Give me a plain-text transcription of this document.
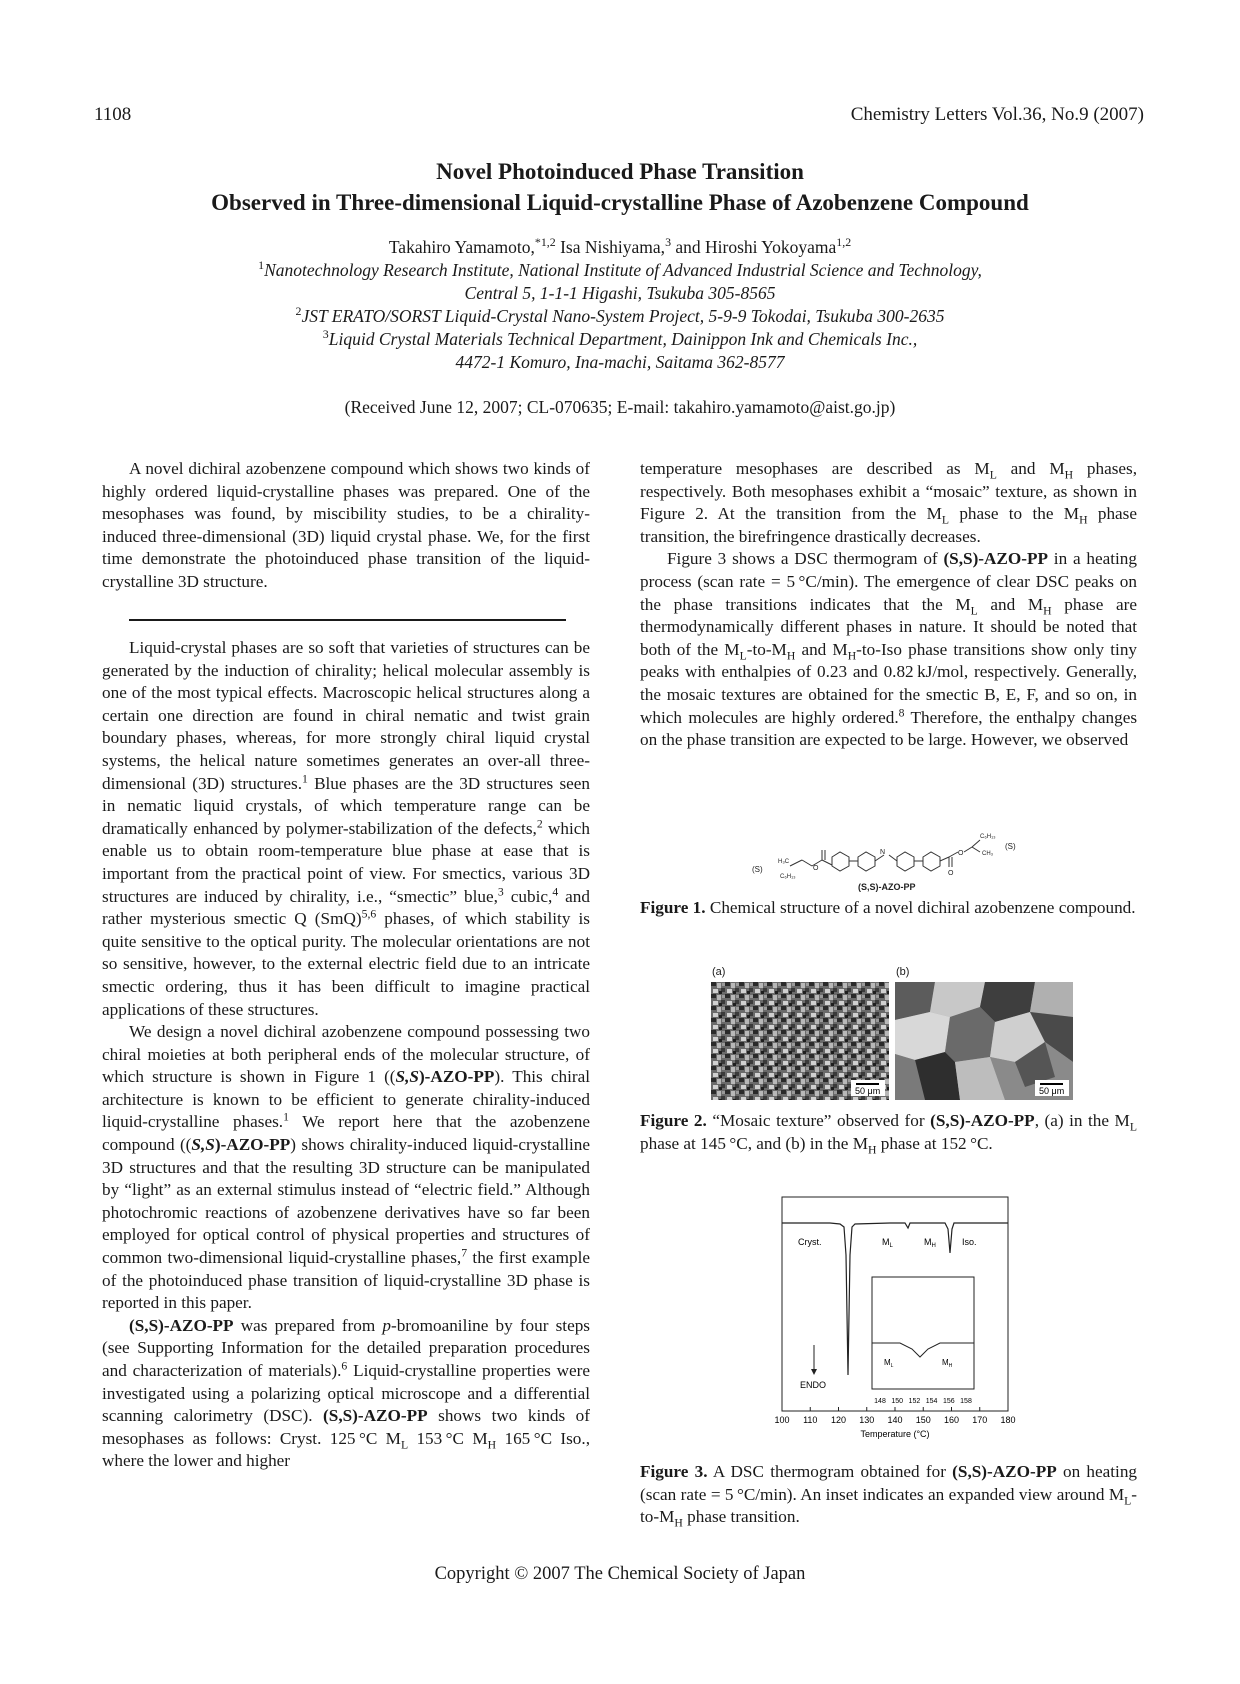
1108	Chemistry Letters Vol.36, No.9 (2007)
Novel Photoinduced Phase Transition
Observed in Three-dimensional Liquid-crystalline Phase of Azobenzene Compound
Takahiro Yamamoto,$^{*1,2}$ Isa Nishiyama,$^3$ and Hiroshi Yokoyama$^{1,2}$
$^1$Nanotechnology Research Institute, National Institute of Advanced Industrial Science and Technology,
Central 5, 1-1-1 Higashi, Tsukuba 305-8565
$^2$JST ERATO/SORST Liquid-Crystal Nano-System Project, 5-9-9 Tokodai, Tsukuba 300-2635
$^3$Liquid Crystal Materials Technical Department, Dainippon Ink and Chemicals Inc.,
4472-1 Komuro, Ina-machi, Saitama 362-8577
(Received June 12, 2007; CL-070635; E-mail: takahiro.yamamoto@aist.go.jp)

A novel dichiral azobenzene compound which shows two kinds of highly ordered liquid-crystalline phases was prepared. One of the mesophases was found, by miscibility studies, to be a chirality-induced three-dimensional (3D) liquid crystal phase. We, for the first time demonstrate the photoinduced phase transition of the liquid-crystalline 3D structure.

Liquid-crystal phases are so soft that varieties of structures can be generated by the induction of chirality; helical molecular assembly is one of the most typical effects. Macroscopic helical structures along a certain one direction are found in chiral nematic and twist grain boundary phases, whereas, for more strongly chiral liquid crystal systems, the helical nature sometimes generates an over-all three-dimensional (3D) structures.$^1$ Blue phases are the 3D structures seen in nematic liquid crystals, of which temperature range can be dramatically enhanced by polymer-stabilization of the defects,$^2$ which enable us to obtain room-temperature blue phase at ease that is important from the practical point of view. For smectics, various 3D structures are induced by chirality, i.e., “smectic” blue,$^3$ cubic,$^4$ and rather mysterious smectic Q (SmQ)$^{5,6}$ phases, of which stability is quite sensitive to the optical purity. The molecular orientations are not so sensitive, however, to the external electric field due to an intricate smectic ordering, thus it has been difficult to imagine practical applications of these structures.

We design a novel dichiral azobenzene compound possessing two chiral moieties at both peripheral ends of the molecular structure, of which structure is shown in Figure 1 ((S,S)-AZO-PP). This chiral architecture is known to be efficient to generate chirality-induced liquid-crystalline phases.$^1$ We report here that the azobenzene compound ((S,S)-AZO-PP) shows chirality-induced liquid-crystalline 3D structures and that the resulting 3D structure can be manipulated by “light” as an external stimulus instead of “electric field.” Although photochromic reactions of azobenzene derivatives have so far been employed for optical control of physical properties and structures of common two-dimensional liquid-crystalline phases,$^7$ the first example of the photoinduced phase transition of liquid-crystalline 3D phase is reported in this paper.

(S,S)-AZO-PP was prepared from p-bromoaniline by four steps (see Supporting Information for the detailed preparation procedures and characterization of materials).$^6$ Liquid-crystalline properties were investigated using a polarizing optical microscope and a differential scanning calorimetry (DSC). (S,S)-AZO-PP shows two kinds of mesophases as follows: Cryst. 125 °C $M_L$ 153 °C $M_H$ 165 °C Iso., where the lower and higher

temperature mesophases are described as $M_L$ and $M_H$ phases, respectively. Both mesophases exhibit a “mosaic” texture, as shown in Figure 2. At the transition from the $M_L$ phase to the $M_H$ phase transition, the birefringence drastically decreases.

Figure 3 shows a DSC thermogram of (S,S)-AZO-PP in a heating process (scan rate = 5 °C/min). The emergence of clear DSC peaks on the phase transitions indicates that the $M_L$ and $M_H$ phase are thermodynamically different phases in nature. It should be noted that both of the $M_L-to-M_H$ and $M_H-to$-Iso phase transitions show only tiny peaks with enthalpies of 0.23 and 0.82 kJ/mol, respectively. Generally, the mosaic textures are obtained for the smectic B, E, F, and so on, in which molecules are highly ordered.$^8$ Therefore, the enthalpy changes on the phase transition are expected to be large. However, we observed

(S)
H₃C
C₆H₁₃
O
N
O
O
C₆H₁₃
CH₃
(S)
(S,S)-AZO-PP
Figure 1. Chemical structure of a novel dichiral azobenzene compound.
(a)	(b)
50 μm	50 μm
Figure 2. “Mosaic texture” observed for (S,S)-AZO-PP, (a) in the $M_L$ phase at 145 °C, and (b) in the $M_H$ phase at 152 °C.
Cryst.	$M_L$	$M_H$	Iso.
ENDO
$M_L$	$M_H$
148 150 152 154 156 158
100 110 120 130 140 150 160 170 180
Temperature (°C)
Figure 3. A DSC thermogram obtained for (S,S)-AZO-PP on heating (scan rate = 5 °C/min). An inset indicates an expanded view around $M_L-to-M_H$ phase transition.
Copyright © 2007 The Chemical Society of Japan
